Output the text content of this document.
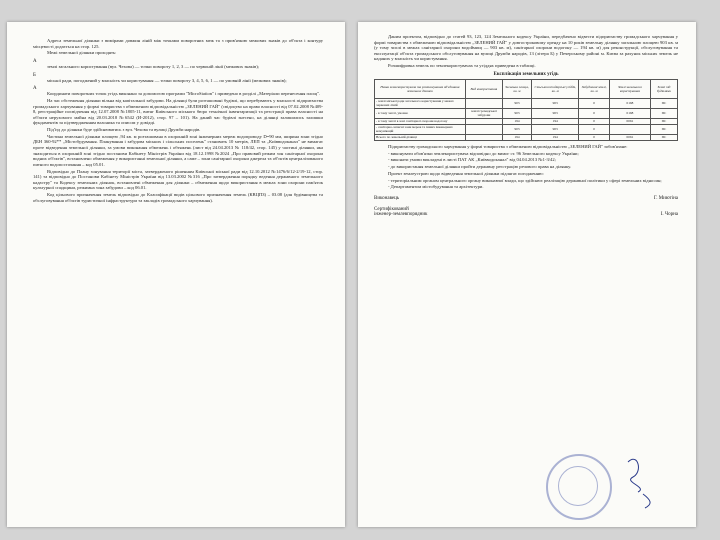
Адреса земельної ділянки з вимірами довжин ліній між точками поворотних меж та з прив'язкою межових знаків до об'єкта і контуру місцевості додається на стор. 125.

Межі земельної ділянки проходять:

А

землі загального користування (вул. Чехова) — точки повороту 1, 2, 3 — по червоній лінії (межових знаків);

Б

міської ради, погоджений у власність чи користування — точки повороту 3, 4, 5, 6, 1 — по умовній лінії (межових знаків);

А

Координати поворотних точок угідь виконано за допомогою програми "MicroStation" і приведено в розділі „Матеріали перенесення площ".

На час обстеження ділянки вільна від капітальної забудови. На ділянці були розташовані будівлі, що перебувають у власності підприємства громадського харчування у формі товариства з обмеженою відповідальністю „ЗЕЛЕНИЙ ГАЙ" (свідоцтво на право власності від 07.02.2008 №409-8, реєстраційне посвідчення від 12.07.2008 №1805-11, витяг Київського міського бюро технічної інвентаризації та реєстрації права власності на об'єкти нерухомого майна від 20.03.2018 №6542 (И-2012), стор. 97 – 101). На даний час будівлі знесено, на ділянці залишились залишки фундаментів за підтвердженням власника та описом у довідці.

Під'їзд до ділянки буде здійснюватись з вул. Чехова та вулиці Дружби народів.

Частина земельної ділянки площею ,94 кв. м розташована в охоронній зоні інженерних мереж водопроводу D=90 мм, ширина зони згідно ДБН 360-92** „Містобудування. Планування і забудова міських і сільських поселень" становить 10 метрів, ЛЕП та „Київводоканал" не вимагає проте відведення земельної ділянки, за умови виконання обмежень і обтяжень (лист від 24.04.2013 № 118/42, стор. 145) у частині ділянки, яка знаходиться в охоронній зоні згідно постанови Кабінету Міністрів України від 18.12.1998 №2024 „Про правовий режим зон санітарної охорони водних об'єктів", встановлено обмеження у використанні земельної ділянки, а саме – зони санітарної охорони джерела та об'єктів централізованого питного водопостачання – код 05.01.

Відповідно до Плану зонування території міста, затвердженого рішенням Київської міської ради від 12.10.2012 №1476/6/12-2/19-12, стор. 141) та відповідно до Постанови Кабінету Міністрів України від 13.03.2002 №316 „Про затвердження порядку ведення державного земельного кадастру" та Кодексу земельних ділянок, встановлені обмеження для ділянки – обмеження щодо використання в межах зони охорони пам'яток культурної спадщини, режимна зона забудови – код 06.01.

Код цільового призначення земель відповідно до Класифікації видів цільового призначення земель (КВЦПЗ) – 03.08 (для будівництва та обслуговування об'єктів туристичної інфраструктури та закладів громадського харчування).

Даним проектом, відповідно до статей 93, 123, 124 Земельного кодексу України, передбачено відвести підприємству громадського харчування у формі товариства з обмеженою відповідальністю „ЗЕЛЕНИЙ ГАЙ" у довгостроковому оренду на 10 років земельну ділянку загальною площею 903 кв. м (у тому числі в межах санітарної охорони водоймищ — 903 кв. м), санітарної охорони водогону — 194 кв. м) для реконструкції, обслуговування та експлуатації об'єкта громадського обслуговування на вулиці Дружби народів, 13 (літера Б) у Печерському районі м. Києва за рахунок міських земель не наданих у власність чи користування.

Розшифровка земель по землекористувачах та угіддях приведена в таблиці.

Експлікація земельних угідь

Назва землекористувача та розташування об'єднання земельних ділянок	Вид використання	Загальна площа, кв. м	Сільськогосподарські угіддя, кв. м	Забудовані землі, кв. м	Землі загального користування	Землі під будівлями
- землі міської ради загального користування у межах червоних ліній		903	903	0	0168	ПС
- в тому числі, умовно	землі громадської забудови	903	903	0	0168	ПС
- в тому числі в зоні санітарної охорони водогону		194	194	0	0061	ПС
- санітарно-захисні зони мереж та інших інженерних комунікацій		903	903	0		ПС
Всього по земельній ділянці		194	194	0	0061	ПС

Підприємству громадського харчування у формі товариства з обмеженою відповідальністю „ЗЕЛЕНИЙ ГАЙ" зобов'язане:

- виконувати обов'язки землекористувача відповідно до вимог ст. 96 Земельного кодексу України;

- виконати умови викладені в листі ПАТ АК „Київводоканал" від 04.04.2013 №1-3/42;

- до використання земельної ділянки пройти державну реєстрацію речового права на ділянку.

Проект землеустрою щодо відведення земельної ділянки підлягає погодженню:

- територіальним органом центрального органу виконавчої влади, що здійснює реалізацію державної політики у сфері земельних відносин;

- Департаментом містобудування та архітектури.

Виконавець	Г. Миютіна
Сертифікований
інженер-землевпорядник	І. Чорна
